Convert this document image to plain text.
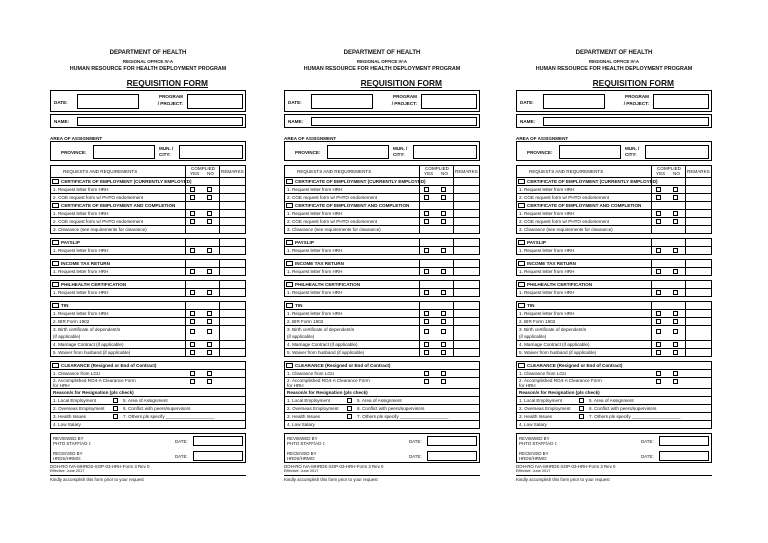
DEPARTMENT OF HEALTH
REGIONAL OFFICE IV-A
HUMAN RESOURCE FOR HEALTH DEPLOYMENT PROGRAM
REQUISITION FORM
DATE:
PROGRAM
/ PROJECT:
NAME:
AREA OF ASSIGNMENT
PROVINCE:
MUN. /
CITY:
REQUESTS AND REQUIREMENTS
COMPLIED
YES NO REMARKS
CERTIFICATE OF EMPLOYMENT (CURRENTLY EMPLOYED)
1. Request letter from HRH
2. COE request form w/ PHTO endorsement
CERTIFICATE OF EMPLOYMENT AND COMPLETION
1. Request letter from HRH
2. COE request form w/ PHTO endorsement
3. Clearance (see requirements for clearance)
PAYSLIP
1. Request letter from HRH
INCOME TAX RETURN
1. Request letter from HRH
PHILHEALTH CERTIFICATION
1. Request letter from HRH
TIN
1. Request letter from HRH
2. BIR Form 1902
3. Birth certificate of dependent/s
(if applicable)
4. Marriage Contract (if applicable)
5. Waiver from husband (if applicable)
CLEARANCE (Resigned or End of Contract)
1. Clearance from LGU
2. Accomplished RO4-A Clearance Form
for HRH
Reason/s for Resignation (pls check)
1. Local Employment	5. Area of Assignment
2. Overseas Employment	6. Conflict with peers/supervisors
3. Health Issues	7. Others pls specify ___________________
4. Low Salary
REVIEWED BY
PHTO STAFF/AO I:	DATE:
RECEIVED BY
HRDS/HRMO:	DATE:
DOH-RO IVA-MHRDS-SOP-03-HRH-Form 3 Rev 0
Effective: June 2017
Kindly accomplish this form prior to your request
DEPARTMENT OF HEALTH
REGIONAL OFFICE IV-A
HUMAN RESOURCE FOR HEALTH DEPLOYMENT PROGRAM
REQUISITION FORM
DATE:
PROGRAM
/ PROJECT:
NAME:
AREA OF ASSIGNMENT
PROVINCE:
MUN. /
CITY:
REQUESTS AND REQUIREMENTS
COMPLIED
YES NO REMARKS
CERTIFICATE OF EMPLOYMENT (CURRENTLY EMPLOYED)
1. Request letter from HRH
2. COE request form w/ PHTO endorsement
CERTIFICATE OF EMPLOYMENT AND COMPLETION
1. Request letter from HRH
2. COE request form w/ PHTO endorsement
3. Clearance (see requirements for clearance)
PAYSLIP
1. Request letter from HRH
INCOME TAX RETURN
1. Request letter from HRH
PHILHEALTH CERTIFICATION
1. Request letter from HRH
TIN
1. Request letter from HRH
2. BIR Form 1902
3. Birth certificate of dependent/s
(if applicable)
4. Marriage Contract (if applicable)
5. Waiver from husband (if applicable)
CLEARANCE (Resigned or End of Contract)
1. Clearance from LGU
2. Accomplished RO4-A Clearance Form
for HRH
Reason/s for Resignation (pls check)
1. Local Employment	5. Area of Assignment
2. Overseas Employment	6. Conflict with peers/supervisors
3. Health Issues	7. Others pls specify ___________________
4. Low Salary
REVIEWED BY
PHTO STAFF/AO I:	DATE:
RECEIVED BY
HRDS/HRMO:	DATE:
DOH-RO IVA-MHRDS-SOP-03-HRH-Form 3 Rev 0
Effective: June 2017
Kindly accomplish this form prior to your request
DEPARTMENT OF HEALTH
REGIONAL OFFICE IV-A
HUMAN RESOURCE FOR HEALTH DEPLOYMENT PROGRAM
REQUISITION FORM
DATE:
PROGRAM
/ PROJECT:
NAME:
AREA OF ASSIGNMENT
PROVINCE:
MUN. /
CITY:
REQUESTS AND REQUIREMENTS
COMPLIED
YES NO REMARKS
CERTIFICATE OF EMPLOYMENT (CURRENTLY EMPLOYED)
1. Request letter from HRH
2. COE request form w/ PHTO endorsement
CERTIFICATE OF EMPLOYMENT AND COMPLETION
1. Request letter from HRH
2. COE request form w/ PHTO endorsement
3. Clearance (see requirements for clearance)
PAYSLIP
1. Request letter from HRH
INCOME TAX RETURN
1. Request letter from HRH
PHILHEALTH CERTIFICATION
1. Request letter from HRH
TIN
1. Request letter from HRH
2. BIR Form 1902
3. Birth certificate of dependent/s
(if applicable)
4. Marriage Contract (if applicable)
5. Waiver from husband (if applicable)
CLEARANCE (Resigned or End of Contract)
1. Clearance from LGU
2. Accomplished RO4-A Clearance Form
for HRH
Reason/s for Resignation (pls check)
1. Local Employment	5. Area of Assignment
2. Overseas Employment	6. Conflict with peers/supervisors
3. Health Issues	7. Others pls specify ___________________
4. Low Salary
REVIEWED BY
PHTO STAFF/AO I:	DATE:
RECEIVED BY
HRDS/HRMO:	DATE:
DOH-RO IVA-MHRDS-SOP-03-HRH-Form 3 Rev 0
Effective: June 2017
Kindly accomplish this form prior to your request
